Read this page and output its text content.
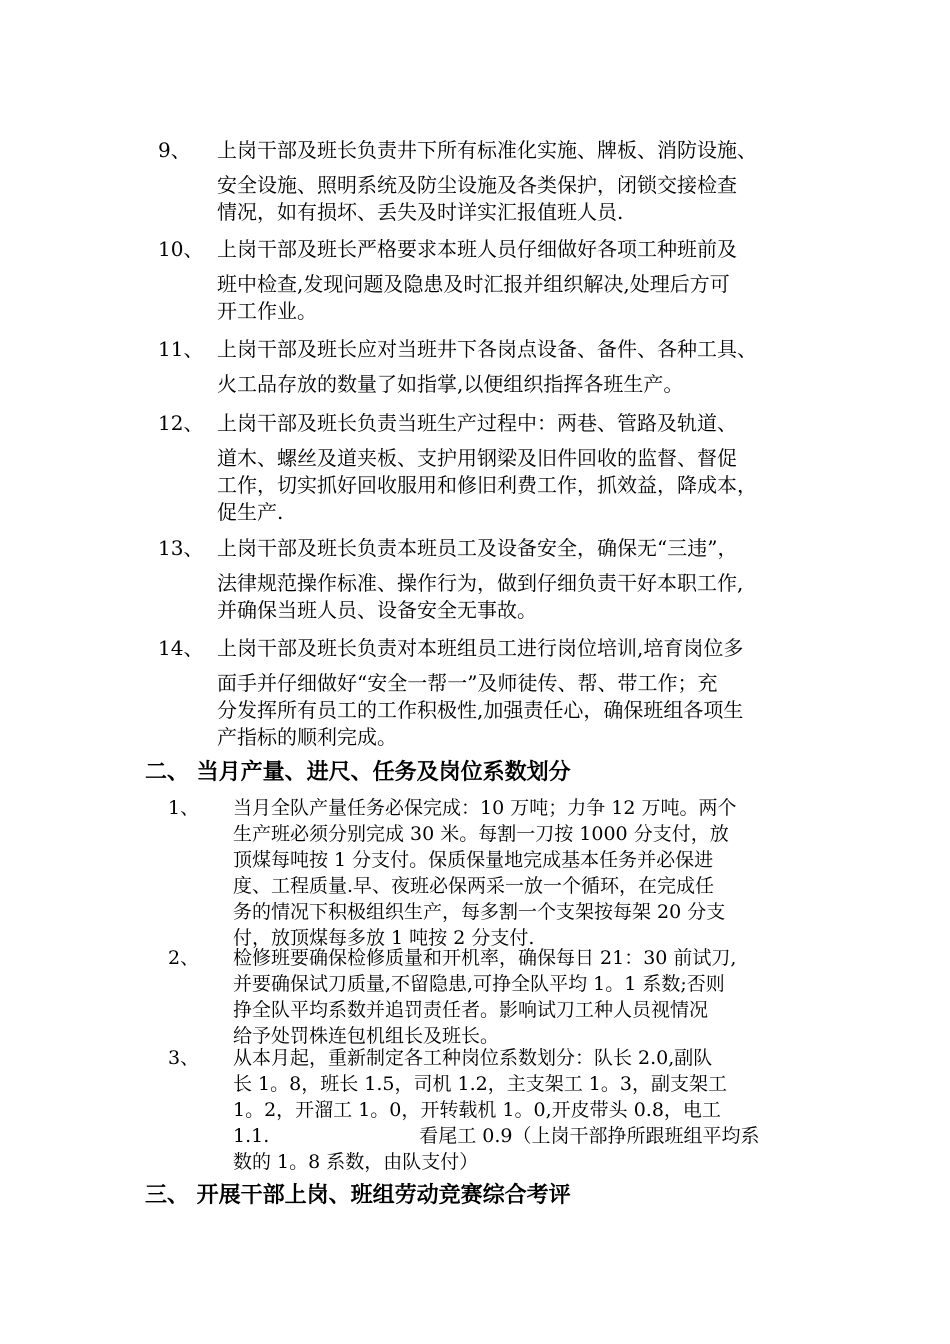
9、 上岗干部及班长负责井下所有标准化实施、牌板、消防设施、
安全设施、照明系统及防尘设施及各类保护，闭锁交接检查
情况，如有损坏、丢失及时详实汇报值班人员.
10、 上岗干部及班长严格要求本班人员仔细做好各项工种班前及
班中检查,发现问题及隐患及时汇报并组织解决,处理后方可
开工作业。
11、 上岗干部及班长应对当班井下各岗点设备、备件、各种工具、
火工品存放的数量了如指掌,以便组织指挥各班生产。
12、 上岗干部及班长负责当班生产过程中：两巷、管路及轨道、
道木、螺丝及道夹板、支护用钢梁及旧件回收的监督、督促
工作，切实抓好回收服用和修旧利费工作，抓效益，降成本，
促生产.
13、 上岗干部及班长负责本班员工及设备安全，确保无“三违”，
法律规范操作标准、操作行为，做到仔细负责干好本职工作,
并确保当班人员、设备安全无事故。
14、 上岗干部及班长负责对本班组员工进行岗位培训,培育岗位多
面手并仔细做好“安全一帮一”及师徒传、帮、带工作；充
分发挥所有员工的工作积极性,加强责任心，确保班组各项生
产指标的顺利完成。
二、 当月产量、进尺、任务及岗位系数划分
1、 当月全队产量任务必保完成：10 万吨；力争 12 万吨。两个
生产班必须分别完成 30 米。每割一刀按 1000 分支付，放
顶煤每吨按 1 分支付。保质保量地完成基本任务并必保进
度、工程质量.早、夜班必保两采一放一个循环，在完成任
务的情况下积极组织生产，每多割一个支架按每架 20 分支
付，放顶煤每多放 1 吨按 2 分支付.
2、 检修班要确保检修质量和开机率，确保每日 21：30 前试刀,
并要确保试刀质量,不留隐患,可挣全队平均 1。1 系数;否则
挣全队平均系数并追罚责任者。影响试刀工种人员视情况
给予处罚株连包机组长及班长。
3、 从本月起，重新制定各工种岗位系数划分：队长 2.0,副队
长 1。8，班长 1.5，司机 1.2，主支架工 1。3，副支架工
1。2，开溜工 1。0，开转载机 1。0,开皮带头 0.8，电工
1.1.	看尾工 0.9（上岗干部挣所跟班组平均系
数的 1。8 系数，由队支付）
三、 开展干部上岗、班组劳动竞赛综合考评
